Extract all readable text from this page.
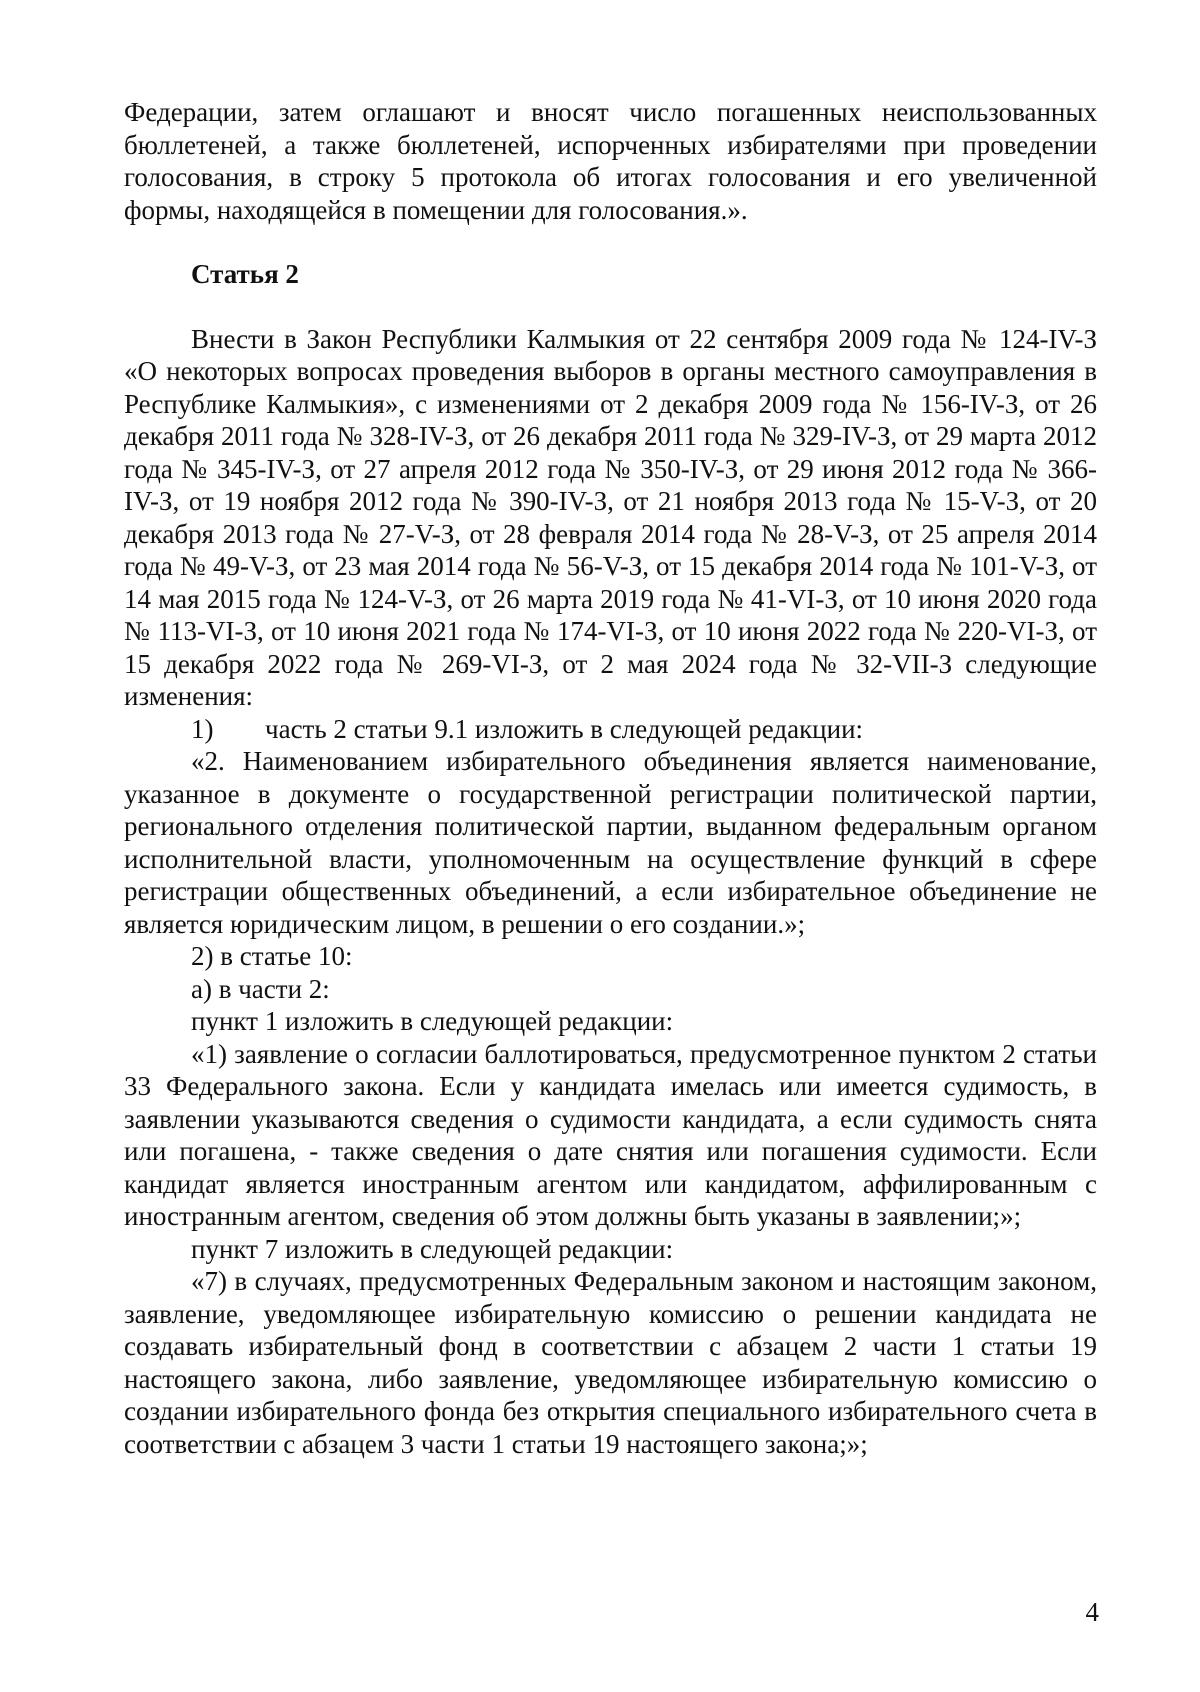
Федерации, затем оглашают и вносят число погашенных неиспользованных бюллетеней, а также бюллетеней, испорченных избирателями при проведении голосования, в строку 5 протокола об итогах голосования и его увеличенной формы, находящейся в помещении для голосования.».

Статья 2

Внести в Закон Республики Калмыкия от 22 сентября 2009 года № 124-IV-З «О некоторых вопросах проведения выборов в органы местного самоуправления в Республике Калмыкия», с изменениями от 2 декабря 2009 года № 156-IV-З, от 26 декабря 2011 года № 328-IV-З, от 26 декабря 2011 года № 329-IV-З, от 29 марта 2012 года № 345-IV-З, от 27 апреля 2012 года № 350-IV-З, от 29 июня 2012 года № 366-IV-З, от 19 ноября 2012 года № 390-IV-З, от 21 ноября 2013 года № 15-V-З, от 20 декабря 2013 года № 27-V-З, от 28 февраля 2014 года № 28-V-З, от 25 апреля 2014 года № 49-V-З, от 23 мая 2014 года № 56-V-З, от 15 декабря 2014 года № 101-V-З, от 14 мая 2015 года № 124-V-З, от 26 марта 2019 года № 41-VI-З, от 10 июня 2020 года № 113-VI-З, от 10 июня 2021 года № 174-VI-З, от 10 июня 2022 года № 220-VI-З, от 15 декабря 2022 года № 269-VI-З, от 2 мая 2024 года № 32-VII-З следующие изменения:

1) часть 2 статьи 9.1 изложить в следующей редакции:

«2. Наименованием избирательного объединения является наименование, указанное в документе о государственной регистрации политической партии, регионального отделения политической партии, выданном федеральным органом исполнительной власти, уполномоченным на осуществление функций в сфере регистрации общественных объединений, а если избирательное объединение не является юридическим лицом, в решении о его создании.»;

2) в статье 10:

а) в части 2:

пункт 1 изложить в следующей редакции:

«1) заявление о согласии баллотироваться, предусмотренное пунктом 2 статьи 33 Федерального закона. Если у кандидата имелась или имеется судимость, в заявлении указываются сведения о судимости кандидата, а если судимость снята или погашена, - также сведения о дате снятия или погашения судимости. Если кандидат является иностранным агентом или кандидатом, аффилированным с иностранным агентом, сведения об этом должны быть указаны в заявлении;»;

пункт 7 изложить в следующей редакции:

«7) в случаях, предусмотренных Федеральным законом и настоящим законом, заявление, уведомляющее избирательную комиссию о решении кандидата не создавать избирательный фонд в соответствии с абзацем 2 части 1 статьи 19 настоящего закона, либо заявление, уведомляющее избирательную комиссию о создании избирательного фонда без открытия специального избирательного счета в соответствии с абзацем 3 части 1 статьи 19 настоящего закона;»;

4
